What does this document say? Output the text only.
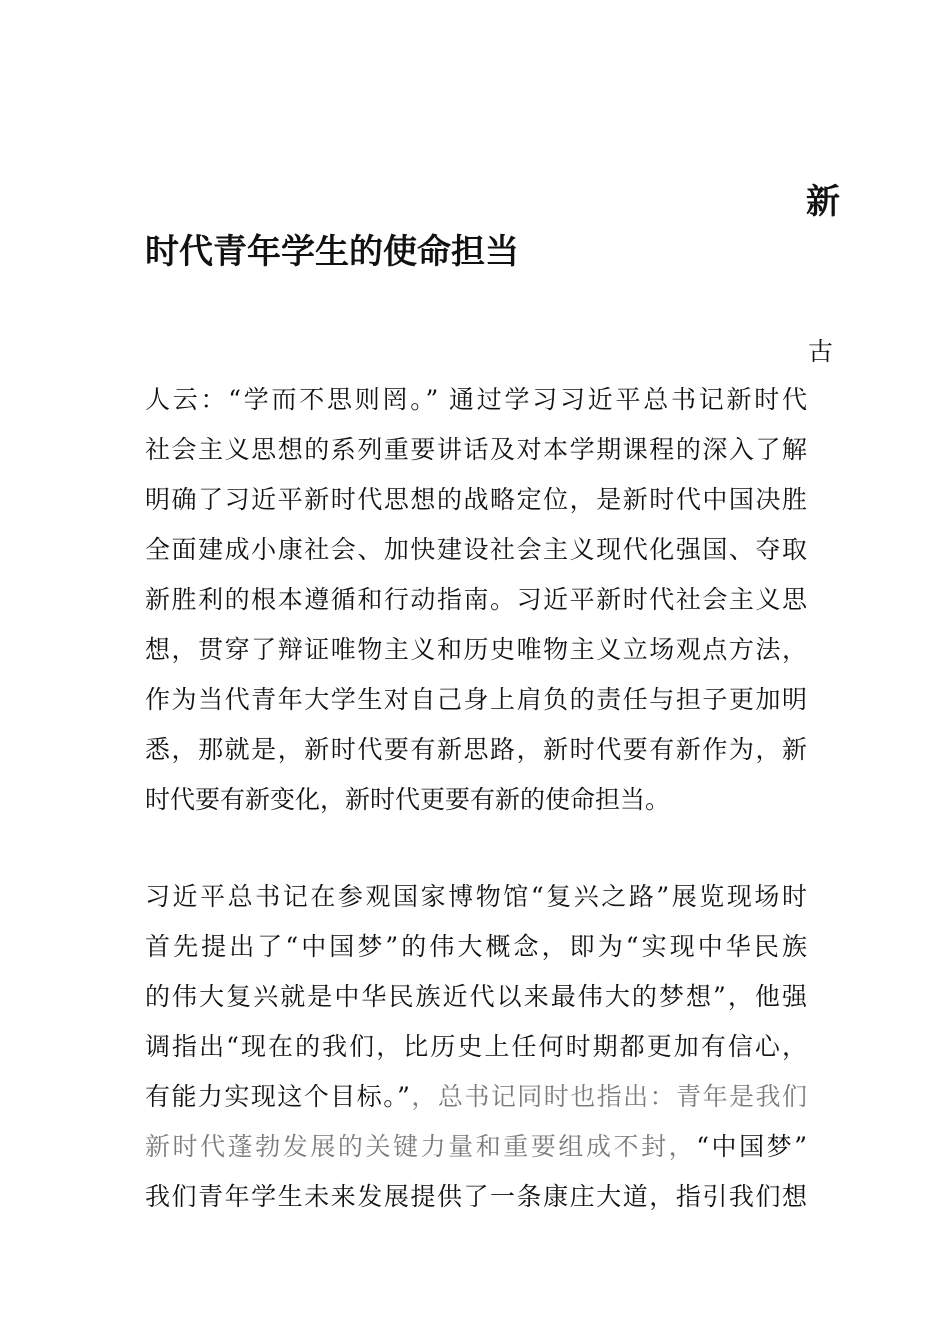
新
时代青年学生的使命担当
古
人云：“学而不思则罔。” 通过学习习近平总书记新时代
社会主义思想的系列重要讲话及对本学期课程的深入了解
明确了习近平新时代思想的战略定位，是新时代中国决胜
全面建成小康社会、加快建设社会主义现代化强国、夺取
新胜利的根本遵循和行动指南。习近平新时代社会主义思
想，贯穿了辩证唯物主义和历史唯物主义立场观点方法，
作为当代青年大学生对自己身上肩负的责任与担子更加明
悉，那就是，新时代要有新思路，新时代要有新作为，新
时代要有新变化，新时代更要有新的使命担当。
习近平总书记在参观国家博物馆“复兴之路”展览现场时
首先提出了“中国梦”的伟大概念，即为“实现中华民族
的伟大复兴就是中华民族近代以来最伟大的梦想”，他强
调指出“现在的我们，比历史上任何时期都更加有信心，
有能力实现这个目标。”，总书记同时也指出：青年是我们
新时代蓬勃发展的关键力量和重要组成不封，“中国梦”
我们青年学生未来发展提供了一条康庄大道，指引我们想
